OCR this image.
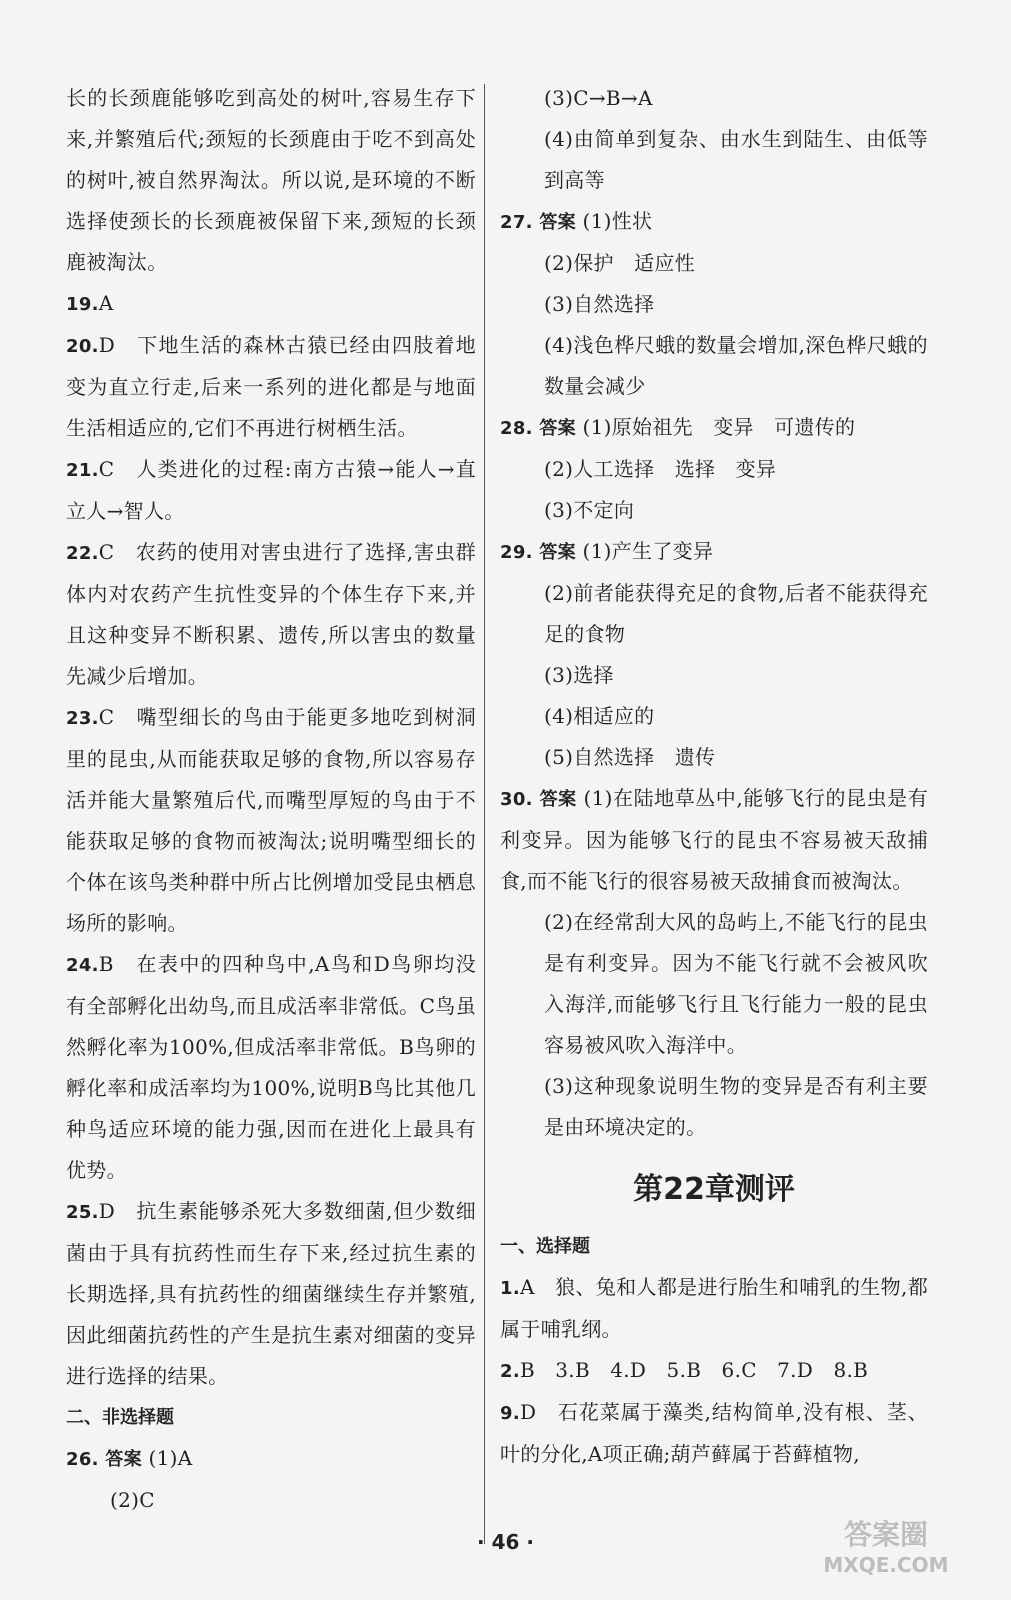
长的长颈鹿能够吃到高处的树叶,容易生存下来,并繁殖后代;颈短的长颈鹿由于吃不到高处的树叶,被自然界淘汰。所以说,是环境的不断选择使颈长的长颈鹿被保留下来,颈短的长颈鹿被淘汰。
19.A
20.D　下地生活的森林古猿已经由四肢着地变为直立行走,后来一系列的进化都是与地面生活相适应的,它们不再进行树栖生活。
21.C　人类进化的过程:南方古猿→能人→直立人→智人。
22.C　农药的使用对害虫进行了选择,害虫群体内对农药产生抗性变异的个体生存下来,并且这种变异不断积累、遗传,所以害虫的数量先减少后增加。
23.C　嘴型细长的鸟由于能更多地吃到树洞里的昆虫,从而能获取足够的食物,所以容易存活并能大量繁殖后代,而嘴型厚短的鸟由于不能获取足够的食物而被淘汰;说明嘴型细长的个体在该鸟类种群中所占比例增加受昆虫栖息场所的影响。
24.B　在表中的四种鸟中,A鸟和D鸟卵均没有全部孵化出幼鸟,而且成活率非常低。C鸟虽然孵化率为100%,但成活率非常低。B鸟卵的孵化率和成活率均为100%,说明B鸟比其他几种鸟适应环境的能力强,因而在进化上最具有优势。
25.D　抗生素能够杀死大多数细菌,但少数细菌由于具有抗药性而生存下来,经过抗生素的长期选择,具有抗药性的细菌继续生存并繁殖,因此细菌抗药性的产生是抗生素对细菌的变异进行选择的结果。
二、非选择题
26. 答案 (1)A
(2)C
(3)C→B→A
(4)由简单到复杂、由水生到陆生、由低等到高等
27. 答案 (1)性状
(2)保护　适应性
(3)自然选择
(4)浅色桦尺蛾的数量会增加,深色桦尺蛾的数量会减少
28. 答案 (1)原始祖先　变异　可遗传的
(2)人工选择　选择　变异
(3)不定向
29. 答案 (1)产生了变异
(2)前者能获得充足的食物,后者不能获得充足的食物
(3)选择
(4)相适应的
(5)自然选择　遗传
30. 答案 (1)在陆地草丛中,能够飞行的昆虫是有利变异。因为能够飞行的昆虫不容易被天敌捕食,而不能飞行的很容易被天敌捕食而被淘汰。
(2)在经常刮大风的岛屿上,不能飞行的昆虫是有利变异。因为不能飞行就不会被风吹入海洋,而能够飞行且飞行能力一般的昆虫容易被风吹入海洋中。
(3)这种现象说明生物的变异是否有利主要是由环境决定的。
第22章测评
一、选择题
1.A　狼、兔和人都是进行胎生和哺乳的生物,都属于哺乳纲。
2.B　3.B　4.D　5.B　6.C　7.D　8.B
9.D　石花菜属于藻类,结构简单,没有根、茎、叶的分化,A项正确;葫芦藓属于苔藓植物,
· 46 ·	答案圈
MXQE.COM
